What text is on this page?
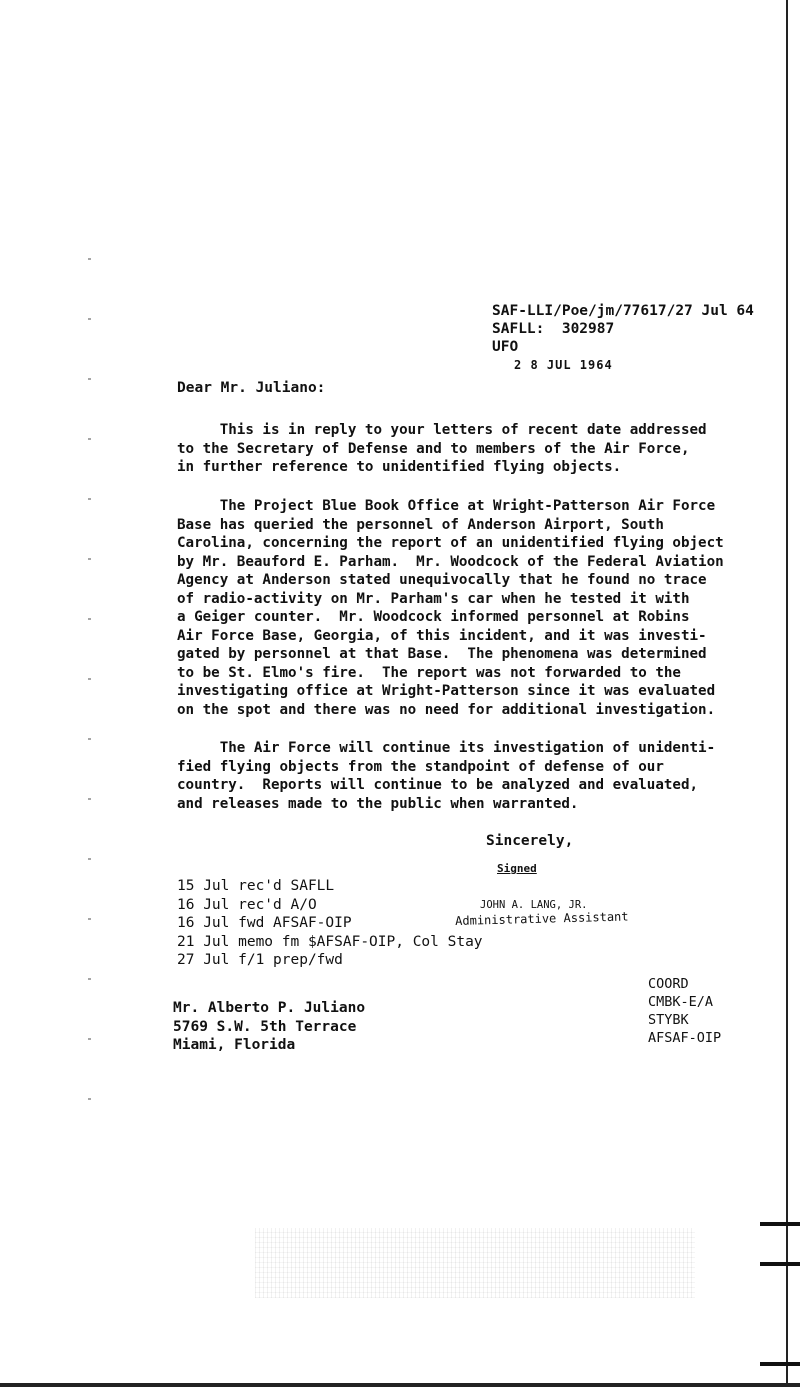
SAF-LLI/Poe/jm/77617/27 Jul 64
SAFLL:  302987
UFO
2 8 JUL 1964
Dear Mr. Juliano:
This is in reply to your letters of recent date addressed
to the Secretary of Defense and to members of the Air Force,
in further reference to unidentified flying objects.
The Project Blue Book Office at Wright-Patterson Air Force
Base has queried the personnel of Anderson Airport, South
Carolina, concerning the report of an unidentified flying object
by Mr. Beauford E. Parham.  Mr. Woodcock of the Federal Aviation
Agency at Anderson stated unequivocally that he found no trace
of radio-activity on Mr. Parham's car when he tested it with
a Geiger counter.  Mr. Woodcock informed personnel at Robins
Air Force Base, Georgia, of this incident, and it was investi-
gated by personnel at that Base.  The phenomena was determined
to be St. Elmo's fire.  The report was not forwarded to the
investigating office at Wright-Patterson since it was evaluated
on the spot and there was no need for additional investigation.
The Air Force will continue its investigation of unidenti-
fied flying objects from the standpoint of defense of our
country.  Reports will continue to be analyzed and evaluated,
and releases made to the public when warranted.
Sincerely,
Signed
15 Jul rec'd SAFLL
16 Jul rec'd A/O
16 Jul fwd AFSAF-OIP
21 Jul memo fm $AFSAF-OIP, Col Stay
27 Jul f/1 prep/fwd
JOHN A. LANG, JR.
Administrative Assistant
COORD
CMBK-E/A
STYBK
AFSAF-OIP
Mr. Alberto P. Juliano
5769 S.W. 5th Terrace
Miami, Florida
